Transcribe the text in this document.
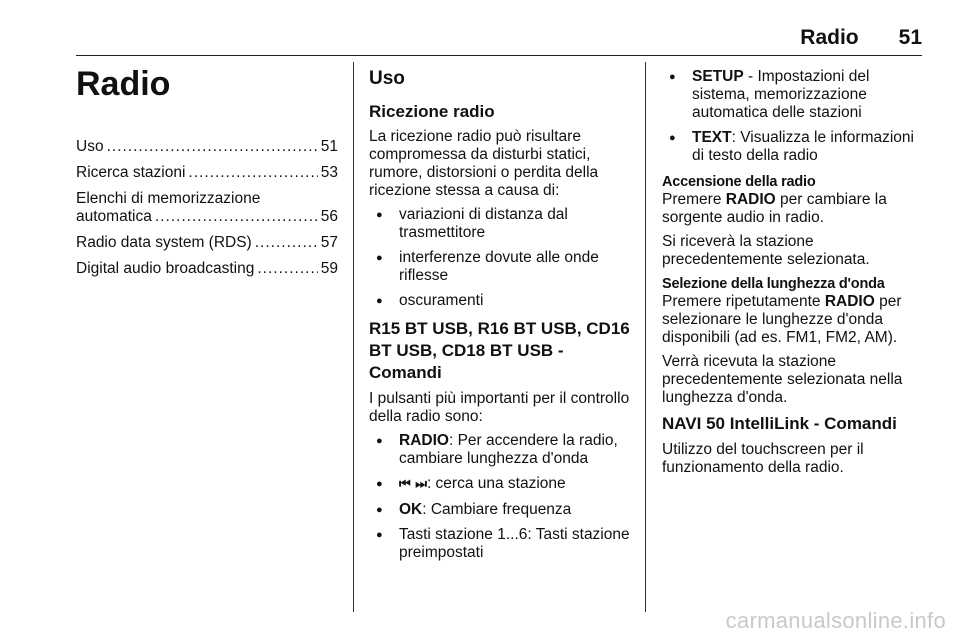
Radio 51
Radio
Uso .....	51
Ricerca stazioni .....	53
Elenchi di memorizzazione
automatica .....	56
Radio data system (RDS) .....	57
Digital audio broadcasting .....	59
Uso
Ricezione radio

La ricezione radio può risultare compromessa da disturbi statici, rumore, distorsioni o perdita della ricezione stessa a causa di:

● variazioni di distanza dal trasmettitore
● interferenze dovute alle onde riflesse
● oscuramenti
R15 BT USB, R16 BT USB, CD16 BT USB, CD18 BT USB - Comandi

I pulsanti più importanti per il controllo della radio sono:

● RADIO: Per accendere la radio, cambiare lunghezza d'onda
● ⏮ ⏭: cerca una stazione
● OK: Cambiare frequenza
● Tasti stazione 1...6: Tasti stazione preimpostati
● SETUP - Impostazioni del sistema, memorizzazione automatica delle stazioni
● TEXT: Visualizza le informazioni di testo della radio
Accensione della radio

Premere RADIO per cambiare la sorgente audio in radio.

Si riceverà la stazione precedentemente selezionata.

Selezione della lunghezza d'onda

Premere ripetutamente RADIO per selezionare le lunghezze d'onda disponibili (ad es. FM1, FM2, AM).

Verrà ricevuta la stazione precedentemente selezionata nella lunghezza d'onda.

NAVI 50 IntelliLink - Comandi

Utilizzo del touchscreen per il funzionamento della radio.

carmanualsonline.info
